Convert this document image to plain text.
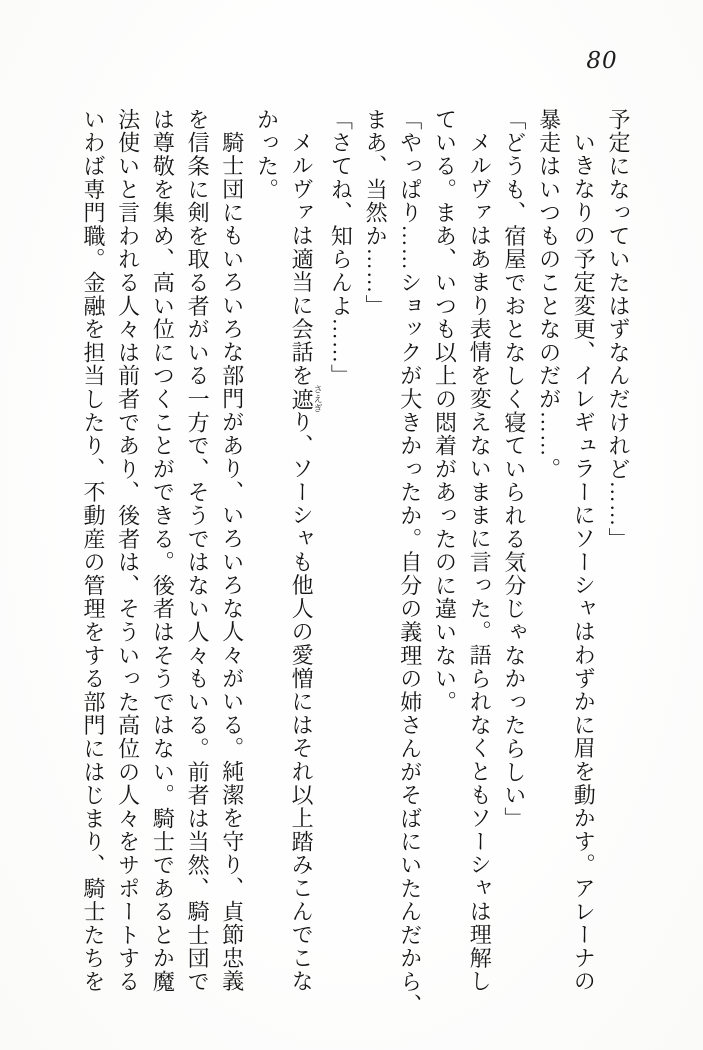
80
予定になっていたはずなんだけれど……」
いきなりの予定変更、イレギュラーにソーシャはわずかに眉を動かす。アレーナの
暴走はいつものことなのだが……。
「どうも、宿屋でおとなしく寝ていられる気分じゃなかったらしい」
メルヴァはあまり表情を変えないままに言った。語られなくともソーシャは理解し
ている。まあ、いつも以上の悶着があったのに違いない。
「やっぱり……ショックが大きかったか。自分の義理の姉さんがそばにいたんだから、
まあ、当然か……」
「さてね、知らんよ……」
メルヴァは適当に会話を遮さえぎり、ソーシャも他人の愛憎にはそれ以上踏みこんでこな
かった。
騎士団にもいろいろな部門があり、いろいろな人々がいる。純潔を守り、貞節忠義
を信条に剣を取る者がいる一方で、そうではない人々もいる。前者は当然、騎士団で
は尊敬を集め、高い位につくことができる。後者はそうではない。騎士であるとか魔
法使いと言われる人々は前者であり、後者は、そういった高位の人々をサポートする
いわば専門職。金融を担当したり、不動産の管理をする部門にはじまり、騎士たちを
